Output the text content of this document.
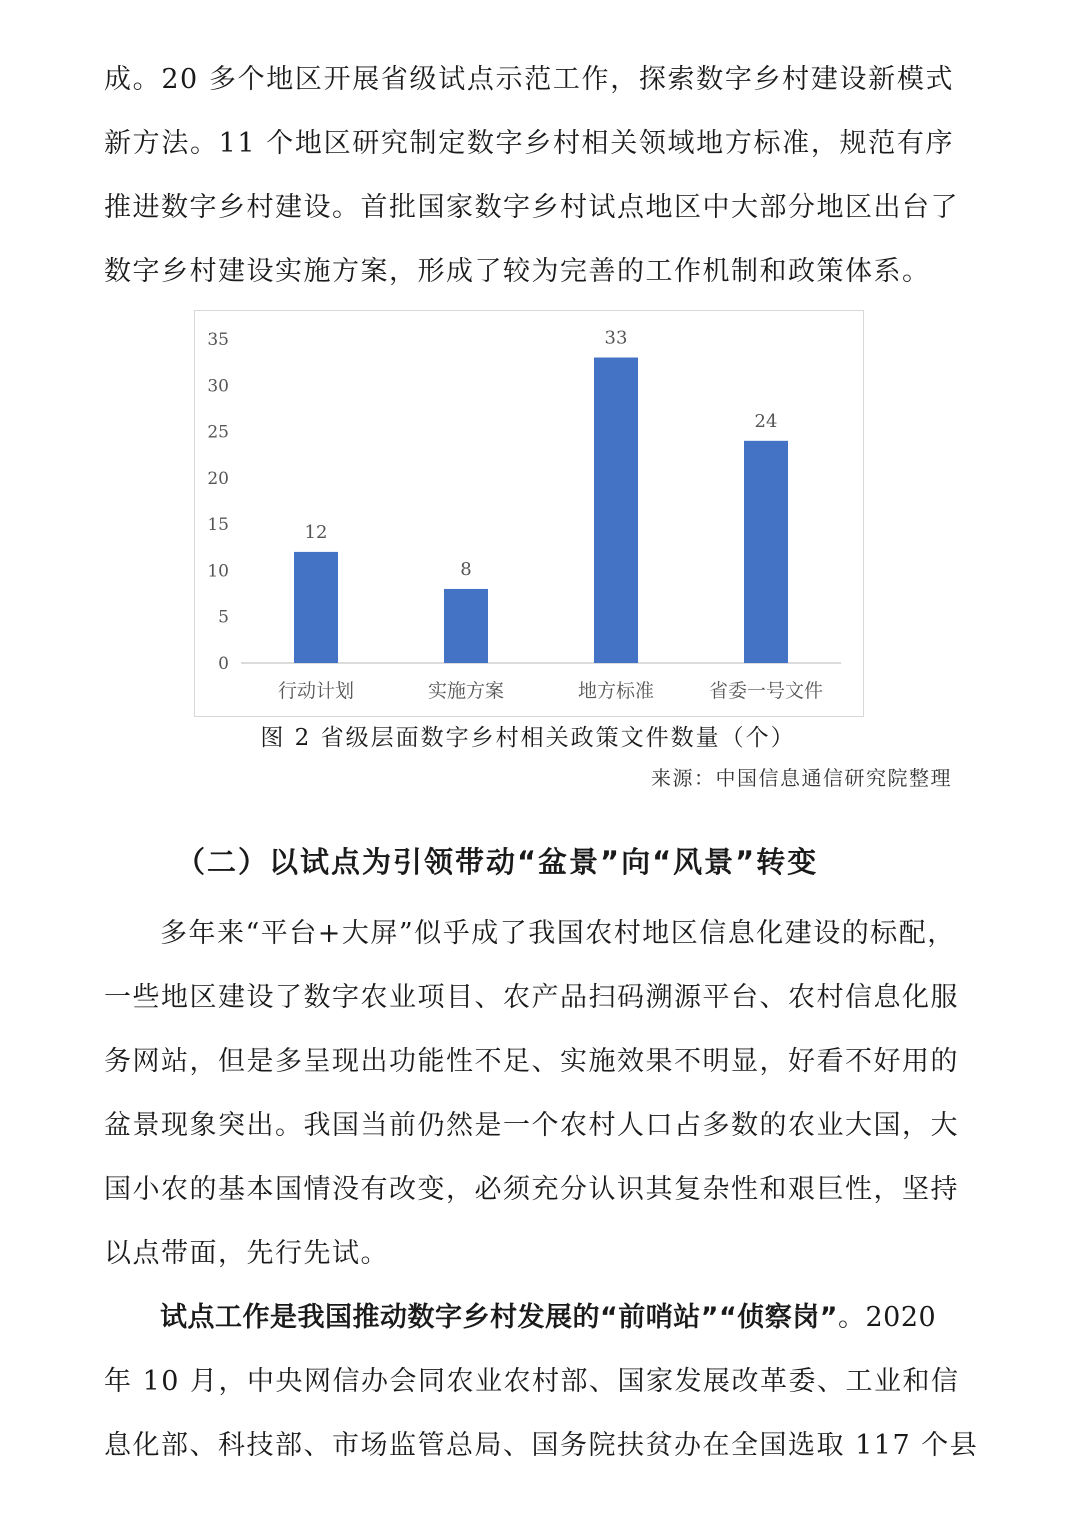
成。20 多个地区开展省级试点示范工作，探索数字乡村建设新模式
新方法。11 个地区研究制定数字乡村相关领域地方标准，规范有序
推进数字乡村建设。首批国家数字乡村试点地区中大部分地区出台了
数字乡村建设实施方案，形成了较为完善的工作机制和政策体系。
0
5
10
15
20
25
30
35
12
行动计划
8
实施方案
33
地方标准
24
省委一号文件
图 2 省级层面数字乡村相关政策文件数量（个）
来源：中国信息通信研究院整理
（二）以试点为引领带动“盆景”向“风景”转变
多年来“平台+大屏”似乎成了我国农村地区信息化建设的标配，
一些地区建设了数字农业项目、农产品扫码溯源平台、农村信息化服
务网站，但是多呈现出功能性不足、实施效果不明显，好看不好用的
盆景现象突出。我国当前仍然是一个农村人口占多数的农业大国，大
国小农的基本国情没有改变，必须充分认识其复杂性和艰巨性，坚持
以点带面，先行先试。
试点工作是我国推动数字乡村发展的“前哨站”“侦察岗”。2020
年 10 月，中央网信办会同农业农村部、国家发展改革委、工业和信
息化部、科技部、市场监管总局、国务院扶贫办在全国选取 117 个县
